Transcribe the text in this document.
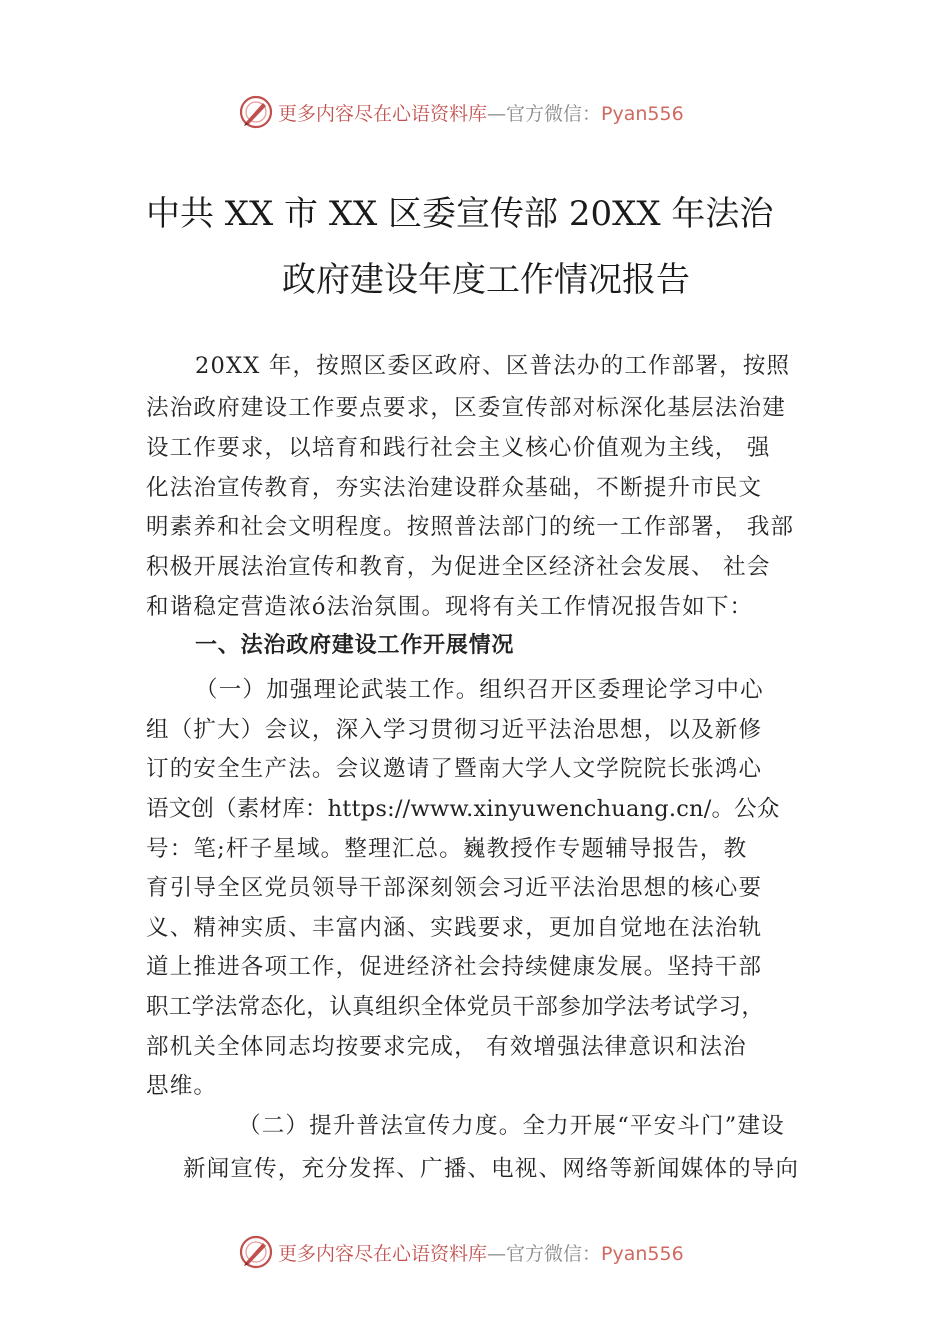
更多内容尽在心语资料库—官方微信：Pyan556
中共 XX 市 XX 区委宣传部 20XX 年法治
政府建设年度工作情况报告
20XX 年，按照区委区政府、区普法办的工作部署，按照
法治政府建设工作要点要求，区委宣传部对标深化基层法治建
设工作要求，以培育和践行社会主义核心价值观为主线， 强
化法治宣传教育，夯实法治建设群众基础，不断提升市民文
明素养和社会文明程度。按照普法部门的统一工作部署， 我部
积极开展法治宣传和教育，为促进全区经济社会发展、 社会
和谐稳定营造浓ó法治氛围。现将有关工作情况报告如下：
一、法治政府建设工作开展情况
（一）加强理论武装工作。组织召开区委理论学习中心
组（扩大）会议，深入学习贯彻习近平法治思想，以及新修
订的安全生产法。会议邀请了暨南大学人文学院院长张鸿心
语文创（素材库：https://www.xinyuwenchuang.cn/。公众
号：笔;杆子星域。整理汇总。巍教授作专题辅导报告，教
育引导全区党员领导干部深刻领会习近平法治思想的核心要
义、精神实质、丰富内涵、实践要求，更加自觉地在法治轨
道上推进各项工作，促进经济社会持续健康发展。坚持干部
职工学法常态化，认真组织全体党员干部参加学法考试学习，
部机关全体同志均按要求完成， 有效增强法律意识和法治
思维。
（二）提升普法宣传力度。全力开展“平安斗门”建设
新闻宣传，充分发挥、广播、电视、网络等新闻媒体的导向
更多内容尽在心语资料库—官方微信：Pyan556
